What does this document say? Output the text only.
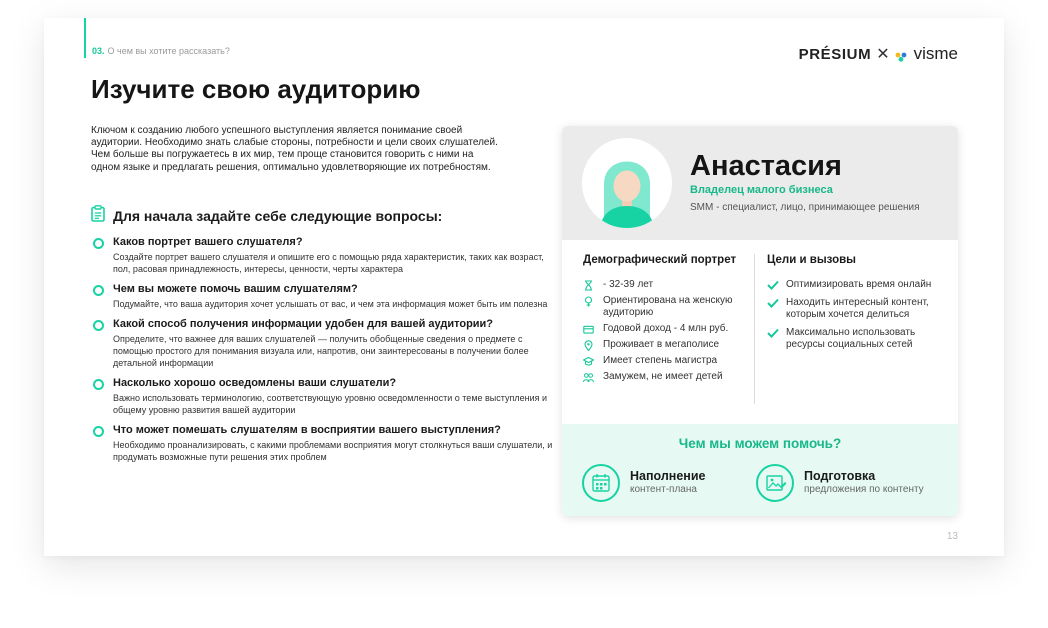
03. О чем вы хотите рассказать?	PRÉSIUM ✕ visme
Изучите свою аудиторию

Ключом к созданию любого успешного выступления является понимание своей аудитории. Необходимо знать слабые стороны, потребности и цели своих слушателей. Чем больше вы погружаетесь в их мир, тем проще становится говорить с ними на одном языке и предлагать решения, оптимально удовлетворяющие их потребностям.

Для начала задайте себе следующие вопросы:
Каков портрет вашего слушателя?
Создайте портрет вашего слушателя и опишите его с помощью ряда характеристик, таких как возраст, пол, расовая принадлежность, интересы, ценности, черты характера
Чем вы можете помочь вашим слушателям?
Подумайте, что ваша аудитория хочет услышать от вас, и чем эта информация может быть им полезна
Какой способ получения информации удобен для вашей аудитории?
Определите, что важнее для ваших слушателей — получить обобщенные сведения о предмете с помощью простого для понимания визуала или, напротив, они заинтересованы в получении более детальной информации
Насколько хорошо осведомлены ваши слушатели?
Важно использовать терминологию, соответствующую уровню осведомленности о теме выступления и общему уровню развития вашей аудитории
Что может помешать слушателям в восприятии вашего выступления?
Необходимо проанализировать, с какими проблемами восприятия могут столкнуться ваши слушатели, и продумать возможные пути решения этих проблем
Анастасия
Владелец малого бизнеса
SMM - специалист, лицо, принимающее решения
Демографический портрет
- 32-39 лет
Ориентирована на женскую аудиторию
Годовой доход - 4 млн руб.
Проживает в мегаполисе
Имеет степень магистра
Замужем, не имеет детей
Цели и вызовы
Оптимизировать время онлайн
Находить интересный контент, которым хочется делиться
Максимально использовать ресурсы социальных сетей
Чем мы можем помочь?
Наполнение
контент-плана
Подготовка
предложения по контенту
13
